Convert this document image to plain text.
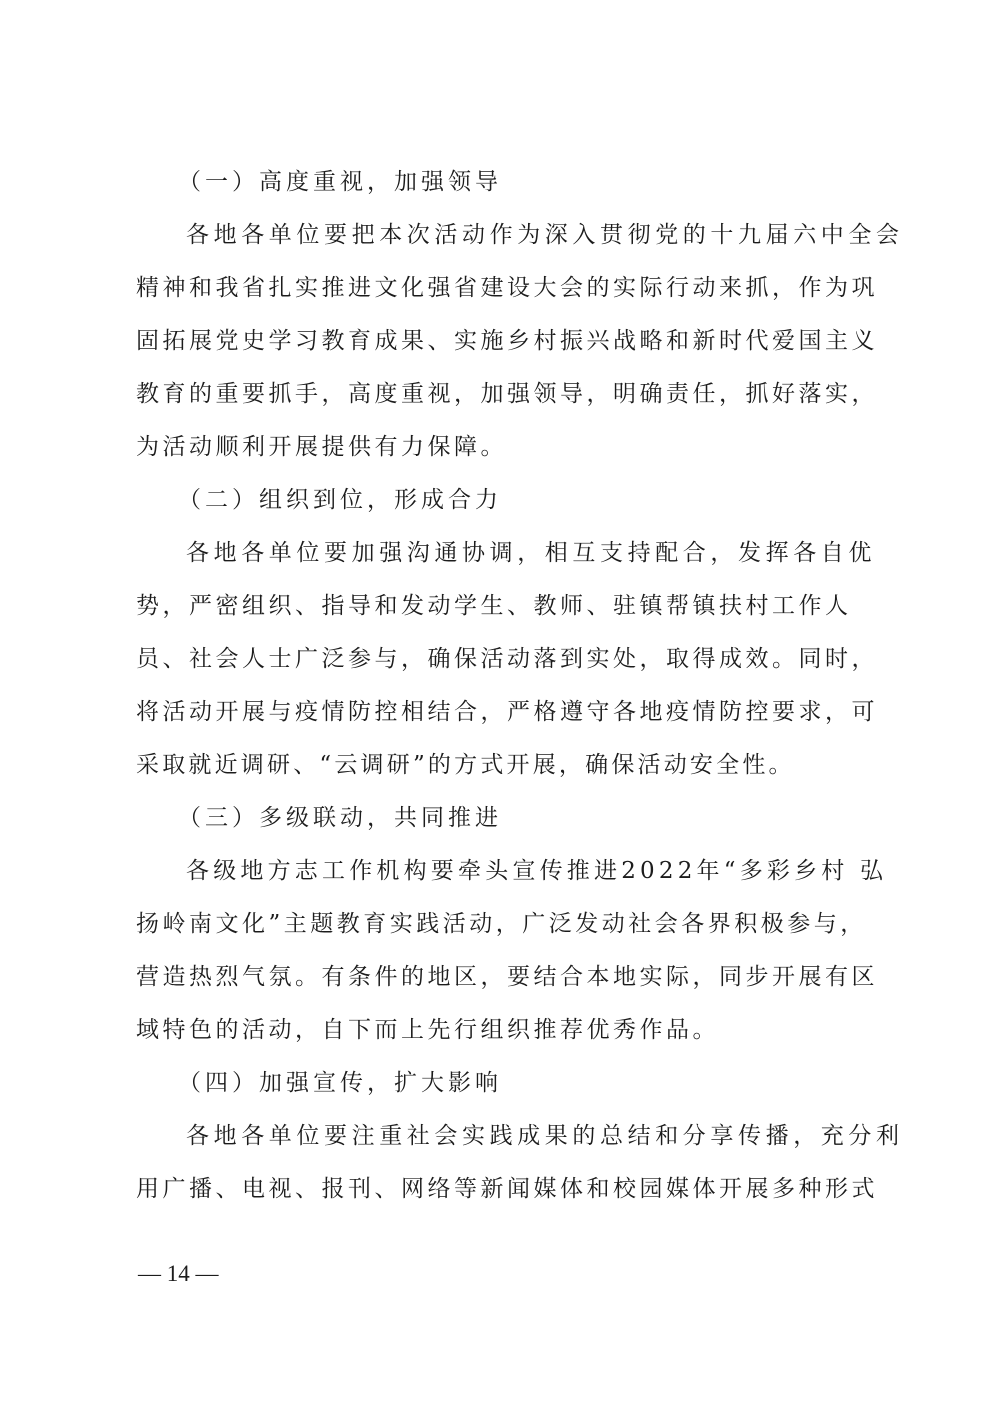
（一）高度重视，加强领导

各地各单位要把本次活动作为深入贯彻党的十九届六中全会

精神和我省扎实推进文化强省建设大会的实际行动来抓，作为巩

固拓展党史学习教育成果、实施乡村振兴战略和新时代爱国主义

教育的重要抓手，高度重视，加强领导，明确责任，抓好落实，

为活动顺利开展提供有力保障。

（二）组织到位，形成合力

各地各单位要加强沟通协调，相互支持配合，发挥各自优

势，严密组织、指导和发动学生、教师、驻镇帮镇扶村工作人

员、社会人士广泛参与，确保活动落到实处，取得成效。同时，

将活动开展与疫情防控相结合，严格遵守各地疫情防控要求，可

采取就近调研、“云调研”的方式开展，确保活动安全性。

（三）多级联动，共同推进

各级地方志工作机构要牵头宣传推进2022年“多彩乡村 弘

扬岭南文化”主题教育实践活动，广泛发动社会各界积极参与，

营造热烈气氛。有条件的地区，要结合本地实际，同步开展有区

域特色的活动，自下而上先行组织推荐优秀作品。

（四）加强宣传，扩大影响

各地各单位要注重社会实践成果的总结和分享传播，充分利

用广播、电视、报刊、网络等新闻媒体和校园媒体开展多种形式

— 14 —
